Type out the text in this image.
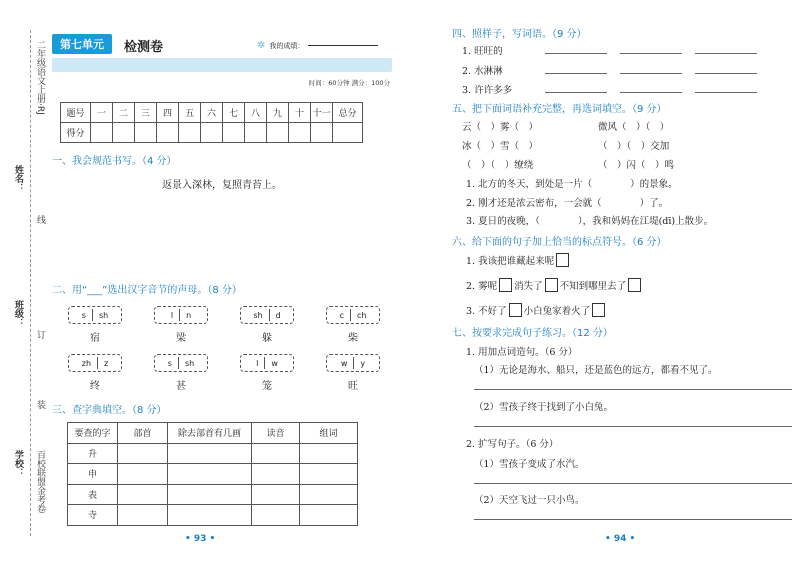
二年级语文上册·RJ
姓名：
线
班级：
订
装
学校： 百校联盟金考卷
第七单元	检测卷	✲ 我的成绩：
时间：60分钟 满分：100分
题号	一	二	三	四	五	六	七	八	九	十	十一	总分
得分												
一、我会规范书写。（4 分）
返景入深林，复照青苔上。
二、用“___”选出汉字音节的声母。（8 分）
s sh	l n	sh d	c ch
宿	梁	躲	柴
zh z	s sh	l w	w y
终	甚	笼	旺
三、查字典填空。（8 分）
要查的字	部首	除去部首有几画	读音	组词
升				
申				
表				
寺				
• 93 •
四、照样子，写词语。（9 分）
1. 旺旺的
2. 水淋淋
3. 许许多多
五、把下面词语补充完整，再选词填空。（9 分）
云（　）雾（　）	微风（　）（　）
冰（　）雪（　）	（　）（　）交加
（　）（　）缭绕	（　）闪（　）鸣
1. 北方的冬天，到处是一片（　　　　）的景象。
2. 刚才还是浓云密布，一会就（　　　　）了。
3. 夏日的夜晚，（　　　　），我和妈妈在江堤(dī)上散步。
六、给下面的句子加上恰当的标点符号。（6 分）
1. 我该把谁藏起来呢
2. 雾呢 消失了 不知到哪里去了
3. 不好了 小白兔家着火了
七、按要求完成句子练习。（12 分）
1. 用加点词造句。（6 分）
（1）无论是海水、船只，还是蓝色的远方，都看不见了。
（2）雪孩子终于找到了小白兔。
2. 扩写句子。（6 分）
（1）雪孩子变成了水汽。
（2）天空飞过一只小鸟。
• 94 •
